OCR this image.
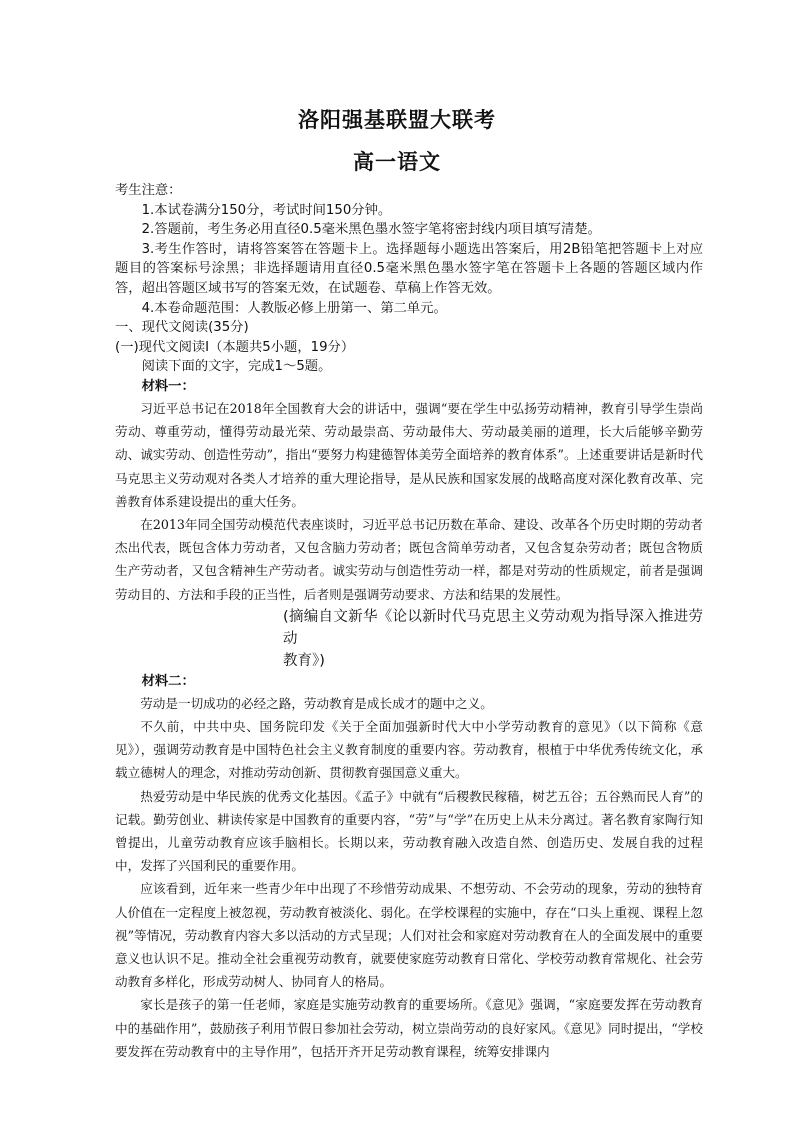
洛阳强基联盟大联考
高一语文

考生注意：

1.本试卷满分150分，考试时间150分钟。

2.答题前，考生务必用直径0.5毫米黑色墨水签字笔将密封线内项目填写清楚。

3.考生作答时，请将答案答在答题卡上。选择题每小题选出答案后，用2B铅笔把答题卡上对应题目的答案标号涂黑；非选择题请用直径0.5毫米黑色墨水签字笔在答题卡上各题的答题区域内作答，超出答题区域书写的答案无效，在试题卷、草稿上作答无效。

4.本卷命题范围：人教版必修上册第一、第二单元。

一、现代文阅读(35分)

(一)现代文阅读Ⅰ（本题共5小题，19分）

阅读下面的文字，完成1～5题。

材料一：

习近平总书记在2018年全国教育大会的讲话中，强调“要在学生中弘扬劳动精神，教育引导学生崇尚劳动、尊重劳动，懂得劳动最光荣、劳动最崇高、劳动最伟大、劳动最美丽的道理，长大后能够辛勤劳动、诚实劳动、创造性劳动”，指出“要努力构建德智体美劳全面培养的教育体系”。上述重要讲话是新时代马克思主义劳动观对各类人才培养的重大理论指导，是从民族和国家发展的战略高度对深化教育改革、完善教育体系建设提出的重大任务。

在2013年同全国劳动模范代表座谈时，习近平总书记历数在革命、建设、改革各个历史时期的劳动者杰出代表，既包含体力劳动者，又包含脑力劳动者；既包含简单劳动者，又包含复杂劳动者；既包含物质生产劳动者，又包含精神生产劳动者。诚实劳动与创造性劳动一样，都是对劳动的性质规定，前者是强调劳动目的、方法和手段的正当性，后者则是强调劳动要求、方法和结果的发展性。

(摘编自文新华《论以新时代马克思主义劳动观为指导深入推进劳动
教育》)

材料二：

劳动是一切成功的必经之路，劳动教育是成长成才的题中之义。

不久前，中共中央、国务院印发《关于全面加强新时代大中小学劳动教育的意见》（以下简称《意见》），强调劳动教育是中国特色社会主义教育制度的重要内容。劳动教育，根植于中华优秀传统文化，承载立德树人的理念，对推动劳动创新、贯彻教育强国意义重大。

热爱劳动是中华民族的优秀文化基因。《孟子》中就有“后稷教民稼穑，树艺五谷；五谷熟而民人育”的记载。勤劳创业、耕读传家是中国教育的重要内容，“劳”与“学”在历史上从未分离过。著名教育家陶行知曾提出，儿童劳动教育应该手脑相长。长期以来，劳动教育融入改造自然、创造历史、发展自我的过程中，发挥了兴国利民的重要作用。

应该看到，近年来一些青少年中出现了不珍惜劳动成果、不想劳动、不会劳动的现象，劳动的独特育人价值在一定程度上被忽视，劳动教育被淡化、弱化。在学校课程的实施中，存在“口头上重视、课程上忽视”等情况，劳动教育内容大多以活动的方式呈现；人们对社会和家庭对劳动教育在人的全面发展中的重要意义也认识不足。推动全社会重视劳动教育，就要使家庭劳动教育日常化、学校劳动教育常规化、社会劳动教育多样化，形成劳动树人、协同育人的格局。

家长是孩子的第一任老师，家庭是实施劳动教育的重要场所。《意见》强调，“家庭要发挥在劳动教育中的基础作用”，鼓励孩子利用节假日参加社会劳动，树立崇尚劳动的良好家风。《意见》同时提出，“学校要发挥在劳动教育中的主导作用”，包括开齐开足劳动教育课程，统筹安排课内
